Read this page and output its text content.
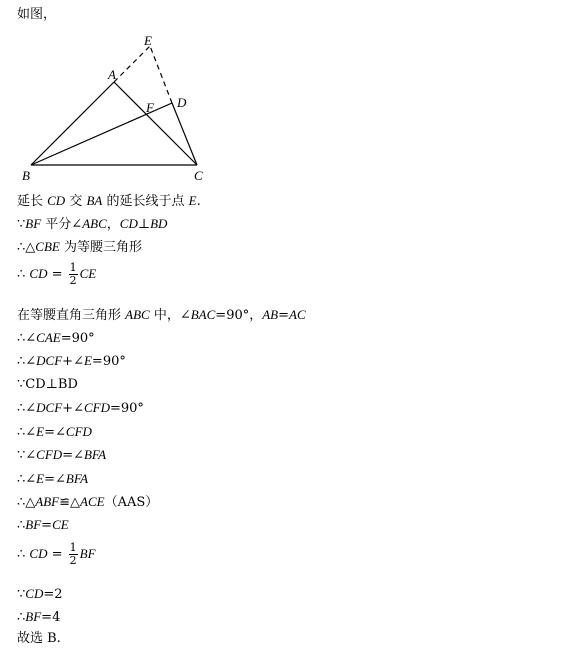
如图，
E
A
F D
B	C
延长 CD 交 BA 的延长线于点 E.
∵BF 平分∠ABC，CD⊥BD
∴△CBE 为等腰三角形
∴ CD = $\frac{1}{2}$ CE
在等腰直角三角形 ABC 中，∠BAC=90°，AB=AC
∴∠CAE=90°
∴∠DCF+∠E=90°
∵CD⊥BD
∴∠DCF+∠CFD=90°
∴∠E=∠CFD
∵∠CFD=∠BFA
∴∠E=∠BFA
∴△ABF≌△ACE（AAS）
∴BF=CE
∴ CD = $\frac{1}{2}$ BF
∵CD=2
∴BF=4
故选 B.
